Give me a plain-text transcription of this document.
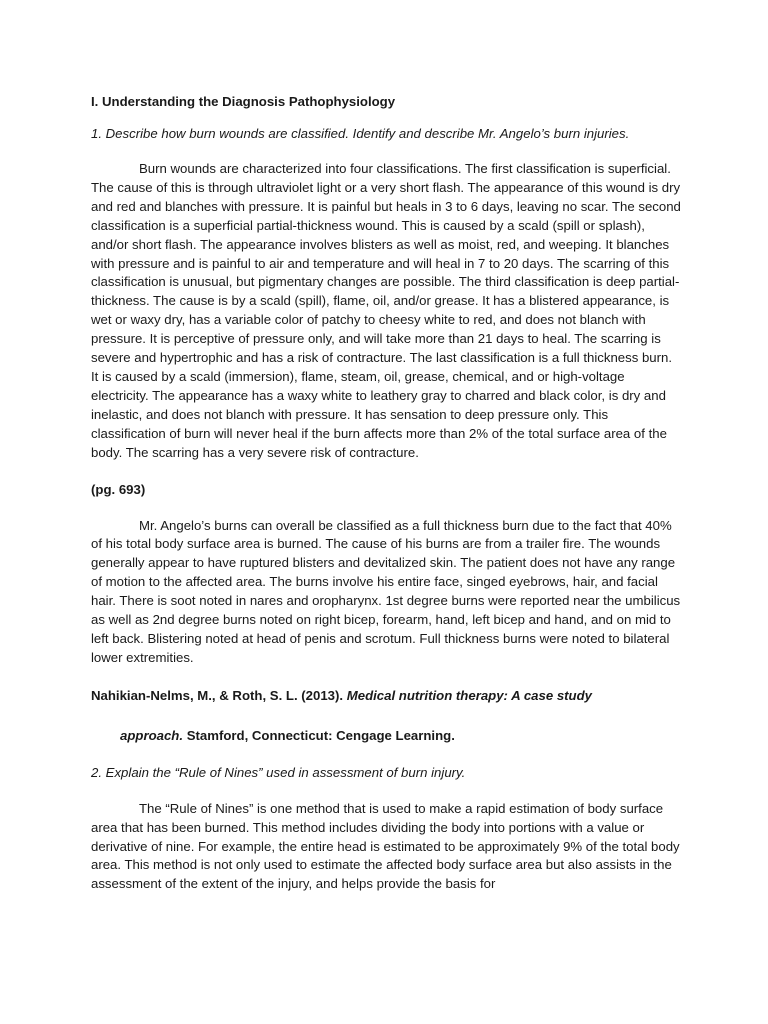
I. Understanding the Diagnosis Pathophysiology

1. Describe how burn wounds are classified. Identify and describe Mr. Angelo’s burn injuries.

Burn wounds are characterized into four classifications. The first classification is superficial. The cause of this is through ultraviolet light or a very short flash. The appearance of this wound is dry and red and blanches with pressure. It is painful but heals in 3 to 6 days, leaving no scar. The second classification is a superficial partial-thickness wound. This is caused by a scald (spill or splash), and/or short flash. The appearance involves blisters as well as moist, red, and weeping. It blanches with pressure and is painful to air and temperature and will heal in 7 to 20 days. The scarring of this classification is unusual, but pigmentary changes are possible. The third classification is deep partial-thickness. The cause is by a scald (spill), flame, oil, and/or grease. It has a blistered appearance, is wet or waxy dry, has a variable color of patchy to cheesy white to red, and does not blanch with pressure. It is perceptive of pressure only, and will take more than 21 days to heal. The scarring is severe and hypertrophic and has a risk of contracture. The last classification is a full thickness burn. It is caused by a scald (immersion), flame, steam, oil, grease, chemical, and or high-voltage electricity. The appearance has a waxy white to leathery gray to charred and black color, is dry and inelastic, and does not blanch with pressure. It has sensation to deep pressure only. This classification of burn will never heal if the burn affects more than 2% of the total surface area of the body. The scarring has a very severe risk of contracture.

(pg. 693)

Mr. Angelo’s burns can overall be classified as a full thickness burn due to the fact that 40% of his total body surface area is burned. The cause of his burns are from a trailer fire. The wounds generally appear to have ruptured blisters and devitalized skin. The patient does not have any range of motion to the affected area. The burns involve his entire face, singed eyebrows, hair, and facial hair. There is soot noted in nares and oropharynx. 1st degree burns were reported near the umbilicus as well as 2nd degree burns noted on right bicep, forearm, hand, left bicep and hand, and on mid to left back. Blistering noted at head of penis and scrotum. Full thickness burns were noted to bilateral lower extremities.

Nahikian-Nelms, M., & Roth, S. L. (2013). Medical nutrition therapy: A case study

approach. Stamford, Connecticut: Cengage Learning.

2. Explain the “Rule of Nines” used in assessment of burn injury.

The “Rule of Nines” is one method that is used to make a rapid estimation of body surface area that has been burned. This method includes dividing the body into portions with a value or derivative of nine. For example, the entire head is estimated to be approximately 9% of the total body area. This method is not only used to estimate the affected body surface area but also assists in the assessment of the extent of the injury, and helps provide the basis for
